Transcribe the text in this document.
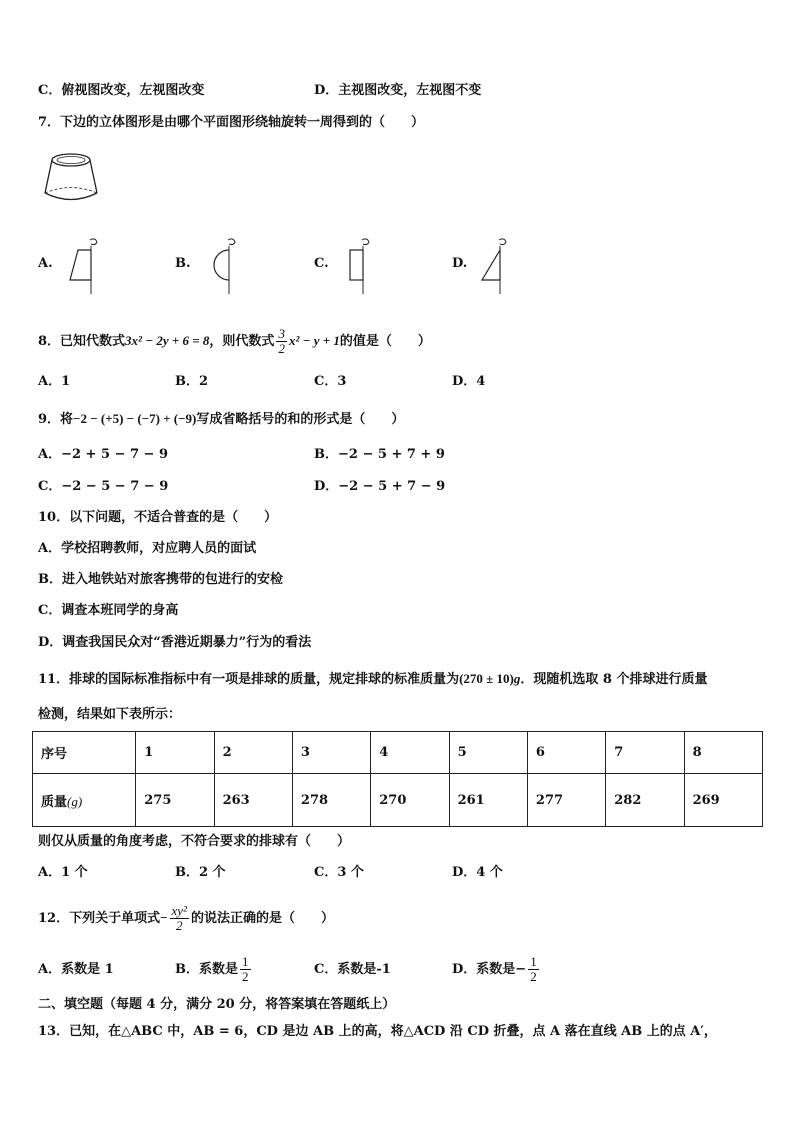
C．俯视图改变，左视图改变	D．主视图改变，左视图不变
7．下边的立体图形是由哪个平面图形绕轴旋转一周得到的（　　）
A.	B.	C.	D.
8．已知代数式3x² − 2y + 6 = 8，则代数式 $\frac{3}{2} x^2 - y + 1$的值是（　　）
A．1	B．2	C．3	D．4
9．将−2 − (+5) − (−7) + (−9)写成省略括号的和的形式是（　　）
A．−2 + 5 − 7 − 9	B．−2 − 5 + 7 + 9
C．−2 − 5 − 7 − 9	D．−2 − 5 + 7 − 9
10．以下问题，不适合普查的是（　　）
A．学校招聘教师，对应聘人员的面试
B．进入地铁站对旅客携带的包进行的安检
C．调查本班同学的身高
D．调查我国民众对“香港近期暴力”行为的看法
11．排球的国际标准指标中有一项是排球的质量，规定排球的标准质量为(270 ± 10)g．现随机选取 8 个排球进行质量
检测，结果如下表所示：
序号	1	2	3	4	5	6	7	8
质量(g)	275	263	278	270	261	277	282	269
则仅从质量的角度考虑，不符合要求的排球有（　　）
A．1 个	B．2 个	C．3 个	D．4 个
12．下列关于单项式− $\frac{\text{xy²}}{2}$ 的说法正确的是（　　）
A．系数是 1	B．系数是 $\frac{1}{2}$	C．系数是-1	D．系数是− $\frac{1}{2}$
二、填空题（每题 4 分，满分 20 分，将答案填在答题纸上）
13．已知，在△ABC 中，AB = 6，CD 是边 AB 上的高，将△ACD 沿 CD 折叠，点 A 落在直线 AB 上的点 A′，
